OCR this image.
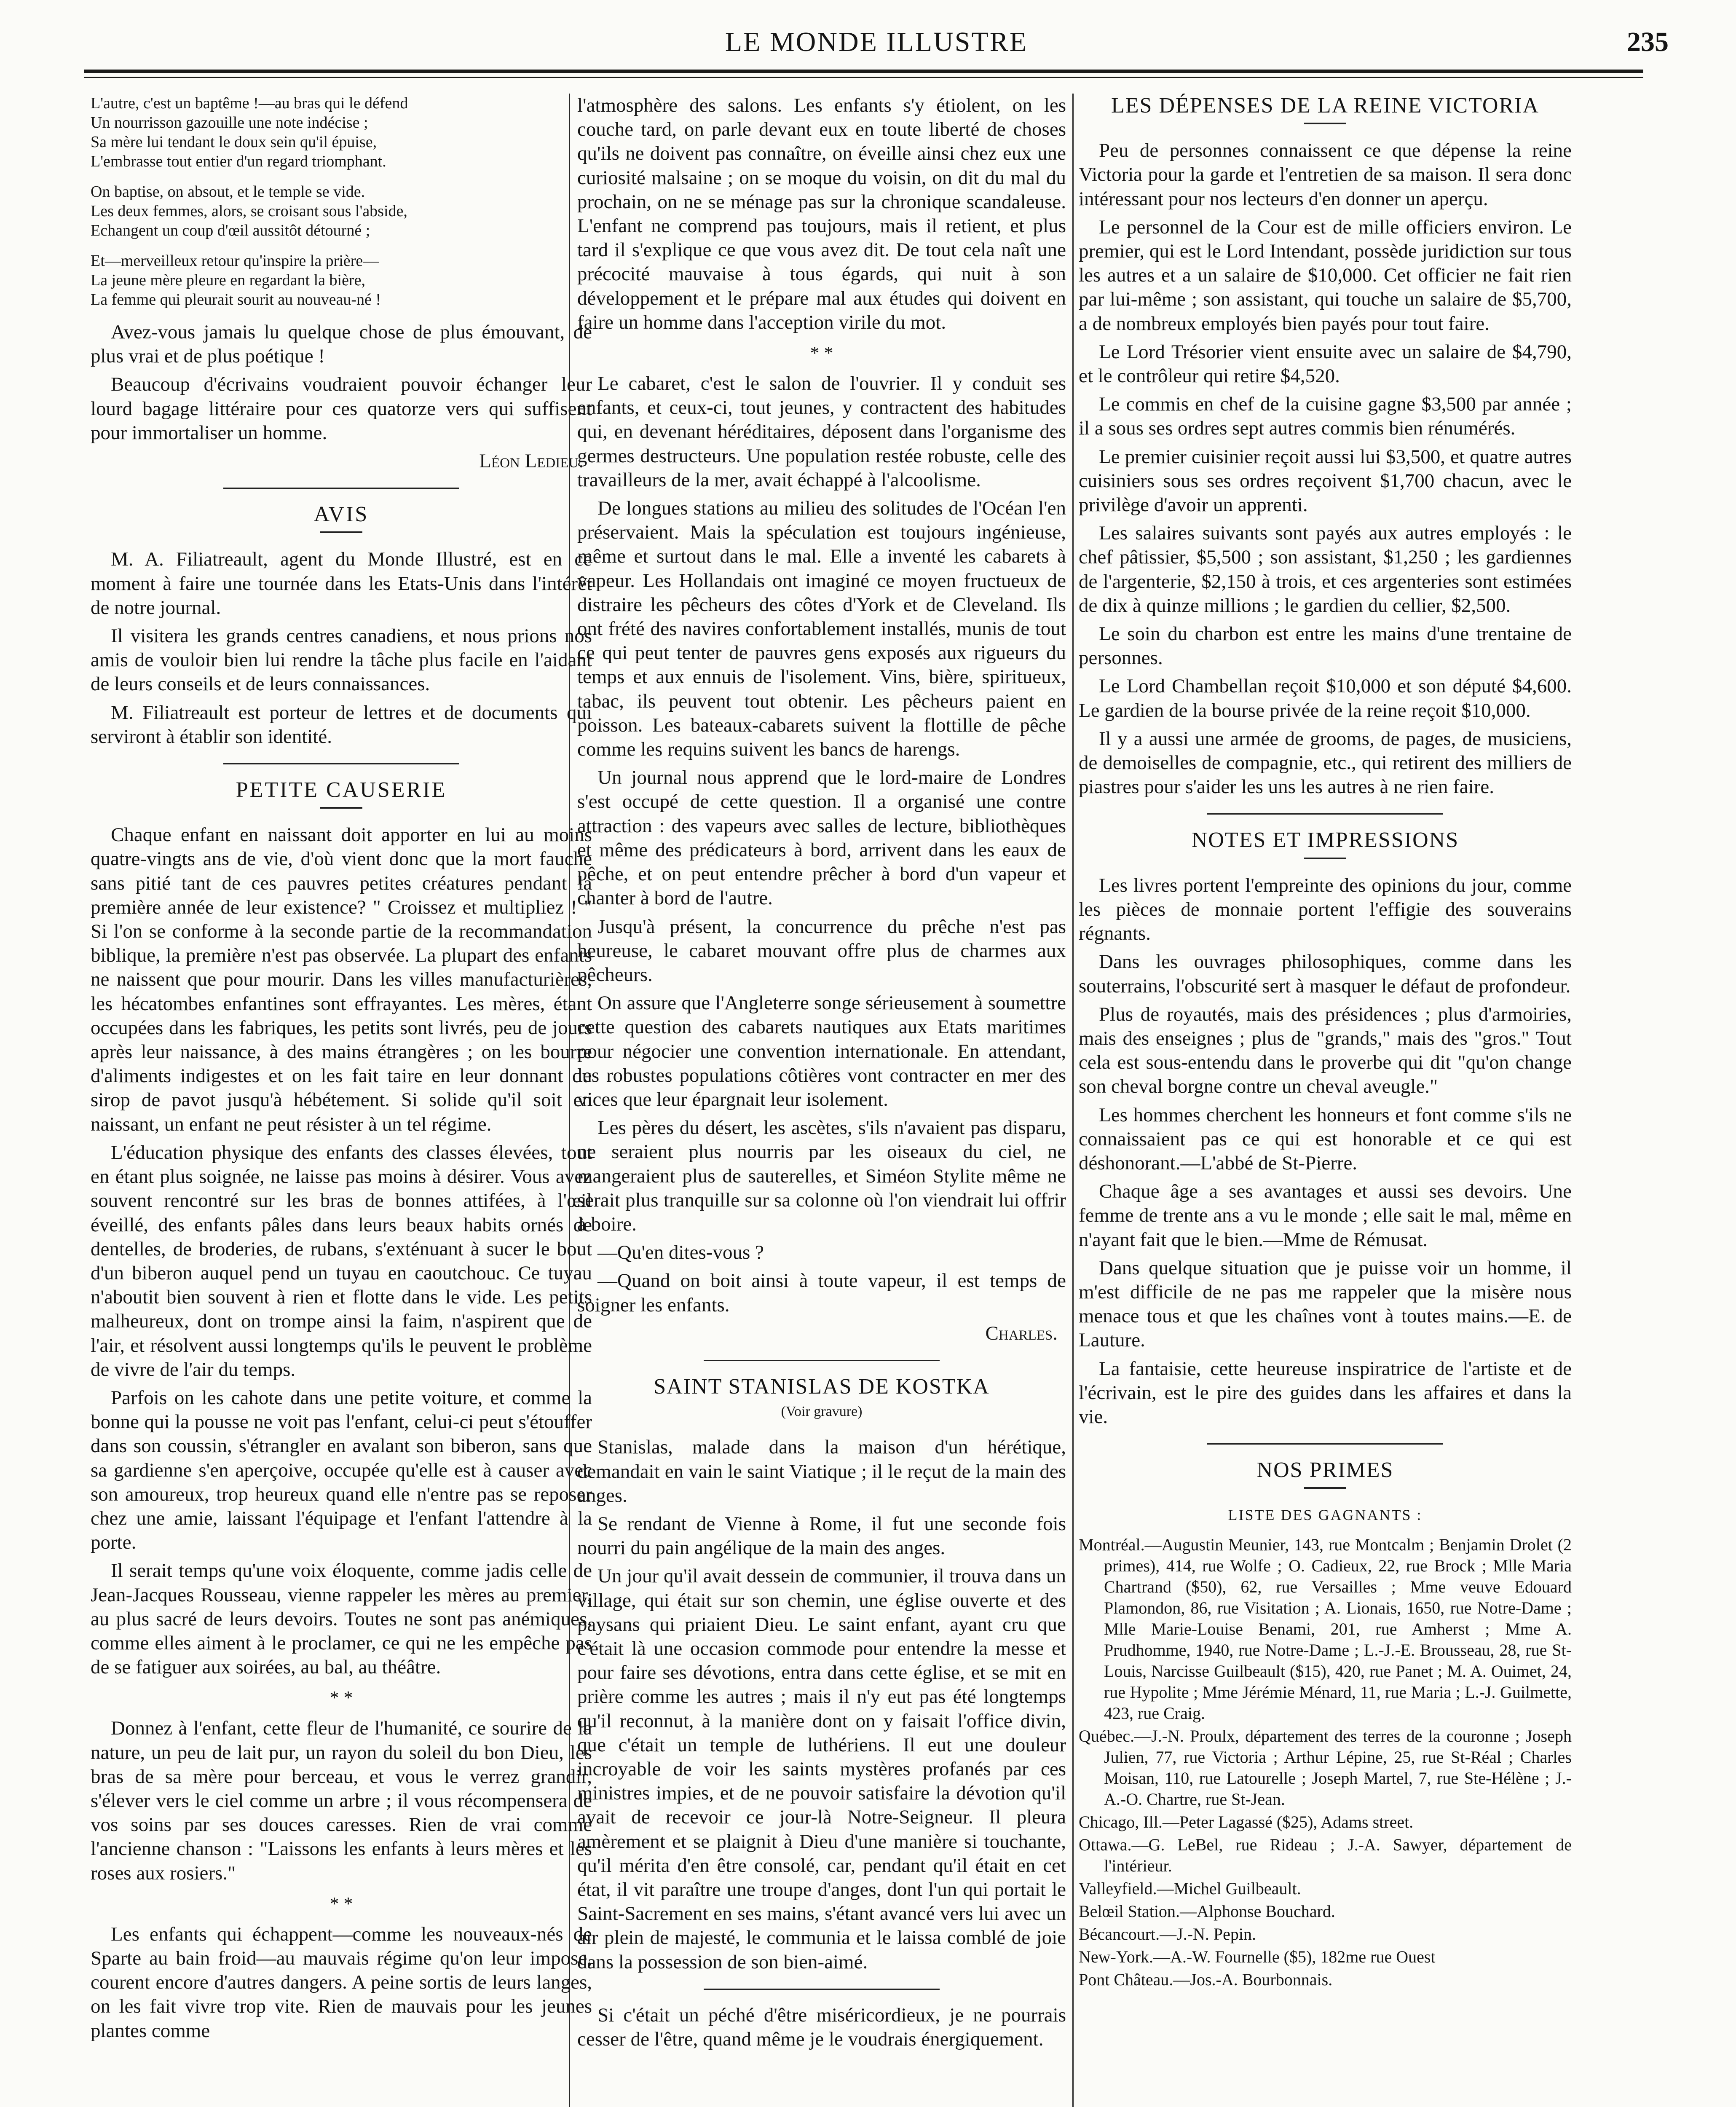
LE MONDE ILLUSTRE	235
L'autre, c'est un baptême !—au bras qui le défend
Un nourrisson gazouille une note indécise ;
Sa mère lui tendant le doux sein qu'il épuise,
L'embrasse tout entier d'un regard triomphant.
On baptise, on absout, et le temple se vide.
Les deux femmes, alors, se croisant sous l'abside,
Echangent un coup d'œil aussitôt détourné ;
Et—merveilleux retour qu'inspire la prière—
La jeune mère pleure en regardant la bière,
La femme qui pleurait sourit au nouveau-né !

Avez-vous jamais lu quelque chose de plus émouvant, de plus vrai et de plus poétique !

Beaucoup d'écrivains voudraient pouvoir échanger leur lourd bagage littéraire pour ces quatorze vers qui suffisent pour immortaliser un homme.

Léon Ledieu.
AVIS

M. A. Filiatreault, agent du Monde Illustré, est en ce moment à faire une tournée dans les Etats-Unis dans l'intérêt de notre journal.

Il visitera les grands centres canadiens, et nous prions nos amis de vouloir bien lui rendre la tâche plus facile en l'aidant de leurs conseils et de leurs connaissances.

M. Filiatreault est porteur de lettres et de documents qui serviront à établir son identité.

PETITE CAUSERIE

Chaque enfant en naissant doit apporter en lui au moins quatre-vingts ans de vie, d'où vient donc que la mort fauche sans pitié tant de ces pauvres petites créatures pendant la première année de leur existence? " Croissez et multipliez ! " Si l'on se conforme à la seconde partie de la recommandation biblique, la première n'est pas observée. La plupart des enfants ne naissent que pour mourir. Dans les villes manufacturières, les hécatombes enfantines sont effrayantes. Les mères, étant occupées dans les fabriques, les petits sont livrés, peu de jours après leur naissance, à des mains étrangères ; on les bourre d'aliments indigestes et on les fait taire en leur donnant du sirop de pavot jusqu'à hébétement. Si solide qu'il soit en naissant, un enfant ne peut résister à un tel régime.

L'éducation physique des enfants des classes élevées, tout en étant plus soignée, ne laisse pas moins à désirer. Vous avez souvent rencontré sur les bras de bonnes attifées, à l'œil éveillé, des enfants pâles dans leurs beaux habits ornés de dentelles, de broderies, de rubans, s'exténuant à sucer le bout d'un biberon auquel pend un tuyau en caoutchouc. Ce tuyau n'aboutit bien souvent à rien et flotte dans le vide. Les petits malheureux, dont on trompe ainsi la faim, n'aspirent que de l'air, et résolvent aussi longtemps qu'ils le peuvent le problème de vivre de l'air du temps.

Parfois on les cahote dans une petite voiture, et comme la bonne qui la pousse ne voit pas l'enfant, celui-ci peut s'étouffer dans son coussin, s'étrangler en avalant son biberon, sans que sa gardienne s'en aperçoive, occupée qu'elle est à causer avec son amoureux, trop heureux quand elle n'entre pas se reposer chez une amie, laissant l'équipage et l'enfant l'attendre à la porte.

Il serait temps qu'une voix éloquente, comme jadis celle de Jean-Jacques Rousseau, vienne rappeler les mères au premier, au plus sacré de leurs devoirs. Toutes ne sont pas anémiques, comme elles aiment à le proclamer, ce qui ne les empêche pas de se fatiguer aux soirées, au bal, au théâtre.

* *

Donnez à l'enfant, cette fleur de l'humanité, ce sourire de la nature, un peu de lait pur, un rayon du soleil du bon Dieu, les bras de sa mère pour berceau, et vous le verrez grandir, s'élever vers le ciel comme un arbre ; il vous récompensera de vos soins par ses douces caresses. Rien de vrai comme l'ancienne chanson : "Laissons les enfants à leurs mères et les roses aux rosiers."

* *

Les enfants qui échappent—comme les nouveaux-nés de Sparte au bain froid—au mauvais régime qu'on leur impose, courent encore d'autres dangers. A peine sortis de leurs langes, on les fait vivre trop vite. Rien de mauvais pour les jeunes plantes comme

l'atmosphère des salons. Les enfants s'y étiolent, on les couche tard, on parle devant eux en toute liberté de choses qu'ils ne doivent pas connaître, on éveille ainsi chez eux une curiosité malsaine ; on se moque du voisin, on dit du mal du prochain, on ne se ménage pas sur la chronique scandaleuse. L'enfant ne comprend pas toujours, mais il retient, et plus tard il s'explique ce que vous avez dit. De tout cela naît une précocité mauvaise à tous égards, qui nuit à son développement et le prépare mal aux études qui doivent en faire un homme dans l'acception virile du mot.

* *

Le cabaret, c'est le salon de l'ouvrier. Il y conduit ses enfants, et ceux-ci, tout jeunes, y contractent des habitudes qui, en devenant héréditaires, déposent dans l'organisme des germes destructeurs. Une population restée robuste, celle des travailleurs de la mer, avait échappé à l'alcoolisme.

De longues stations au milieu des solitudes de l'Océan l'en préservaient. Mais la spéculation est toujours ingénieuse, même et surtout dans le mal. Elle a inventé les cabarets à vapeur. Les Hollandais ont imaginé ce moyen fructueux de distraire les pêcheurs des côtes d'York et de Cleveland. Ils ont frété des navires confortablement installés, munis de tout ce qui peut tenter de pauvres gens exposés aux rigueurs du temps et aux ennuis de l'isolement. Vins, bière, spiritueux, tabac, ils peuvent tout obtenir. Les pêcheurs paient en poisson. Les bateaux-cabarets suivent la flottille de pêche comme les requins suivent les bancs de harengs.

Un journal nous apprend que le lord-maire de Londres s'est occupé de cette question. Il a organisé une contre attraction : des vapeurs avec salles de lecture, bibliothèques et même des prédicateurs à bord, arrivent dans les eaux de pêche, et on peut entendre prêcher à bord d'un vapeur et chanter à bord de l'autre.

Jusqu'à présent, la concurrence du prêche n'est pas heureuse, le cabaret mouvant offre plus de charmes aux pêcheurs.

On assure que l'Angleterre songe sérieusement à soumettre cette question des cabarets nautiques aux Etats maritimes pour négocier une convention internationale. En attendant, les robustes populations côtières vont contracter en mer des vices que leur épargnait leur isolement.

Les pères du désert, les ascètes, s'ils n'avaient pas disparu, ne seraient plus nourris par les oiseaux du ciel, ne mangeraient plus de sauterelles, et Siméon Stylite même ne serait plus tranquille sur sa colonne où l'on viendrait lui offrir à boire.

—Qu'en dites-vous ?

—Quand on boit ainsi à toute vapeur, il est temps de soigner les enfants.

Charles.
SAINT STANISLAS DE KOSTKA
(Voir gravure)

Stanislas, malade dans la maison d'un hérétique, demandait en vain le saint Viatique ; il le reçut de la main des anges.

Se rendant de Vienne à Rome, il fut une seconde fois nourri du pain angélique de la main des anges.

Un jour qu'il avait dessein de communier, il trouva dans un village, qui était sur son chemin, une église ouverte et des paysans qui priaient Dieu. Le saint enfant, ayant cru que c'était là une occasion commode pour entendre la messe et pour faire ses dévotions, entra dans cette église, et se mit en prière comme les autres ; mais il n'y eut pas été longtemps qu'il reconnut, à la manière dont on y faisait l'office divin, que c'était un temple de luthériens. Il eut une douleur incroyable de voir les saints mystères profanés par ces ministres impies, et de ne pouvoir satisfaire la dévotion qu'il avait de recevoir ce jour-là Notre-Seigneur. Il pleura amèrement et se plaignit à Dieu d'une manière si touchante, qu'il mérita d'en être consolé, car, pendant qu'il était en cet état, il vit paraître une troupe d'anges, dont l'un qui portait le Saint-Sacrement en ses mains, s'étant avancé vers lui avec un air plein de majesté, le communia et le laissa comblé de joie dans la possession de son bien-aimé.

Si c'était un péché d'être miséricordieux, je ne pourrais cesser de l'être, quand même je le voudrais énergiquement.

LES DÉPENSES DE LA REINE VICTORIA

Peu de personnes connaissent ce que dépense la reine Victoria pour la garde et l'entretien de sa maison. Il sera donc intéressant pour nos lecteurs d'en donner un aperçu.

Le personnel de la Cour est de mille officiers environ. Le premier, qui est le Lord Intendant, possède juridiction sur tous les autres et a un salaire de $10,000. Cet officier ne fait rien par lui-même ; son assistant, qui touche un salaire de $5,700, a de nombreux employés bien payés pour tout faire.

Le Lord Trésorier vient ensuite avec un salaire de $4,790, et le contrôleur qui retire $4,520.

Le commis en chef de la cuisine gagne $3,500 par année ; il a sous ses ordres sept autres commis bien rénumérés.

Le premier cuisinier reçoit aussi lui $3,500, et quatre autres cuisiniers sous ses ordres reçoivent $1,700 chacun, avec le privilège d'avoir un apprenti.

Les salaires suivants sont payés aux autres employés : le chef pâtissier, $5,500 ; son assistant, $1,250 ; les gardiennes de l'argenterie, $2,150 à trois, et ces argenteries sont estimées de dix à quinze millions ; le gardien du cellier, $2,500.

Le soin du charbon est entre les mains d'une trentaine de personnes.

Le Lord Chambellan reçoit $10,000 et son député $4,600. Le gardien de la bourse privée de la reine reçoit $10,000.

Il y a aussi une armée de grooms, de pages, de musiciens, de demoiselles de compagnie, etc., qui retirent des milliers de piastres pour s'aider les uns les autres à ne rien faire.

NOTES ET IMPRESSIONS

Les livres portent l'empreinte des opinions du jour, comme les pièces de monnaie portent l'effigie des souverains régnants.

Dans les ouvrages philosophiques, comme dans les souterrains, l'obscurité sert à masquer le défaut de profondeur.

Plus de royautés, mais des présidences ; plus d'armoiries, mais des enseignes ; plus de "grands," mais des "gros." Tout cela est sous-entendu dans le proverbe qui dit "qu'on change son cheval borgne contre un cheval aveugle."

Les hommes cherchent les honneurs et font comme s'ils ne connaissaient pas ce qui est honorable et ce qui est déshonorant.—L'abbé de St-Pierre.

Chaque âge a ses avantages et aussi ses devoirs. Une femme de trente ans a vu le monde ; elle sait le mal, même en n'ayant fait que le bien.—Mme de Rémusat.

Dans quelque situation que je puisse voir un homme, il m'est difficile de ne pas me rappeler que la misère nous menace tous et que les chaînes vont à toutes mains.—E. de Lauture.

La fantaisie, cette heureuse inspiratrice de l'artiste et de l'écrivain, est le pire des guides dans les affaires et dans la vie.

NOS PRIMES
LISTE DES GAGNANTS :
Montréal.—Augustin Meunier, 143, rue Montcalm ; Benjamin Drolet (2 primes), 414, rue Wolfe ; O. Cadieux, 22, rue Brock ; Mlle Maria Chartrand ($50), 62, rue Versailles ; Mme veuve Edouard Plamondon, 86, rue Visitation ; A. Lionais, 1650, rue Notre-Dame ; Mlle Marie-Louise Benami, 201, rue Amherst ; Mme A. Prudhomme, 1940, rue Notre-Dame ; L.-J.-E. Brousseau, 28, rue St-Louis, Narcisse Guilbeault ($15), 420, rue Panet ; M. A. Ouimet, 24, rue Hypolite ; Mme Jérémie Ménard, 11, rue Maria ; L.-J. Guilmette, 423, rue Craig.
Québec.—J.-N. Proulx, département des terres de la couronne ; Joseph Julien, 77, rue Victoria ; Arthur Lépine, 25, rue St-Réal ; Charles Moisan, 110, rue Latourelle ; Joseph Martel, 7, rue Ste-Hélène ; J.-A.-O. Chartre, rue St-Jean.
Chicago, Ill.—Peter Lagassé ($25), Adams street.
Ottawa.—G. LeBel, rue Rideau ; J.-A. Sawyer, département de l'intérieur.
Valleyfield.—Michel Guilbeault.
Belœil Station.—Alphonse Bouchard.
Bécancourt.—J.-N. Pepin.
New-York.—A.-W. Fournelle ($5), 182me rue Ouest
Pont Château.—Jos.-A. Bourbonnais.
